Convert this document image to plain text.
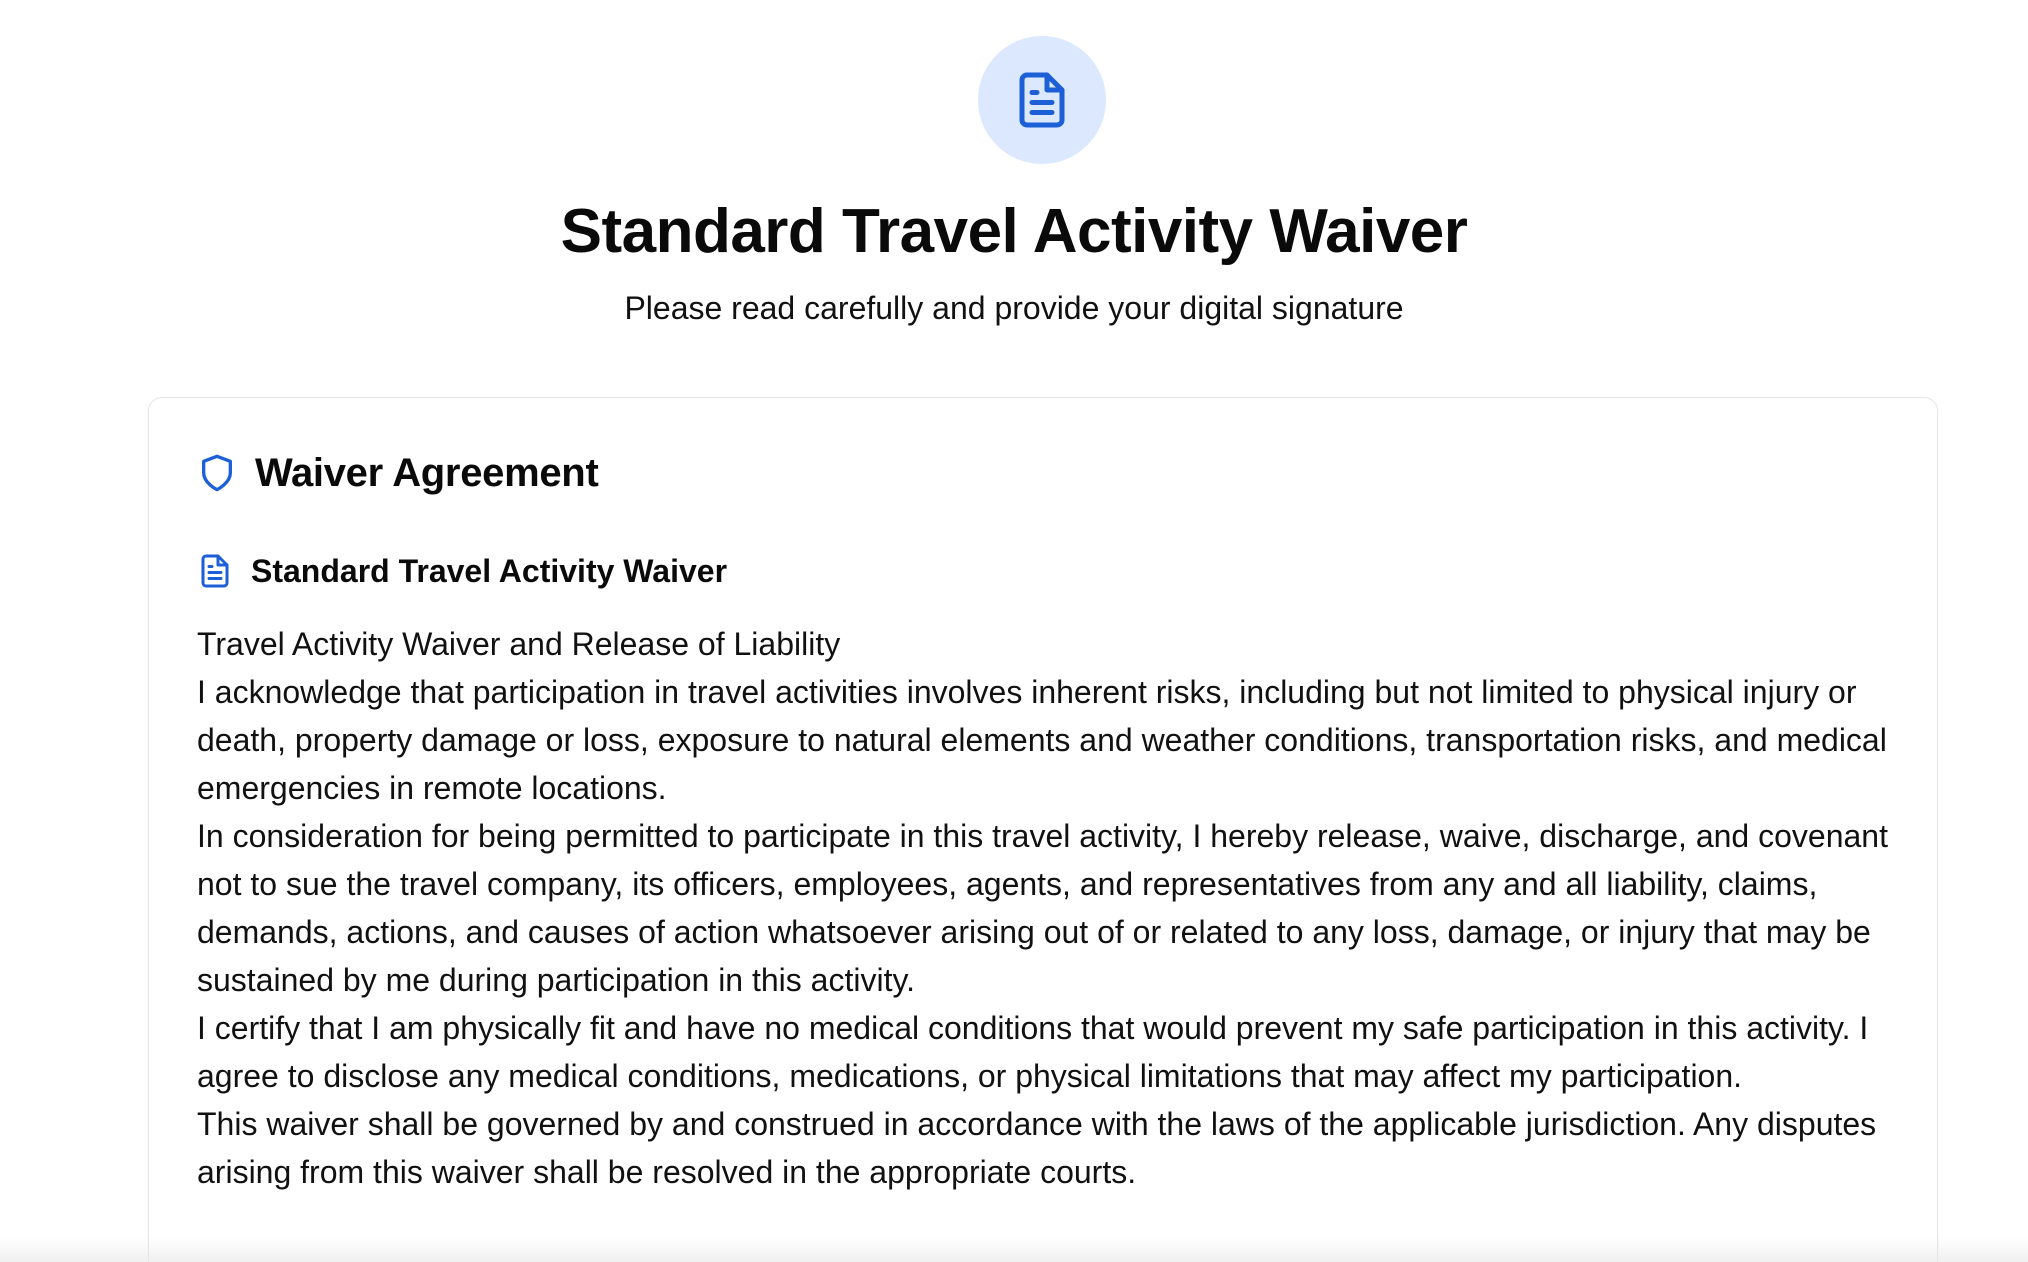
Standard Travel Activity Waiver
Please read carefully and provide your digital signature
Waiver Agreement
Standard Travel Activity Waiver

Travel Activity Waiver and Release of Liability

I acknowledge that participation in travel activities involves inherent risks, including but not limited to physical injury or death, property damage or loss, exposure to natural elements and weather conditions, transportation risks, and medical emergencies in remote locations.

In consideration for being permitted to participate in this travel activity, I hereby release, waive, discharge, and covenant not to sue the travel company, its officers, employees, agents, and representatives from any and all liability, claims, demands, actions, and causes of action whatsoever arising out of or related to any loss, damage, or injury that may be sustained by me during participation in this activity.

I certify that I am physically fit and have no medical conditions that would prevent my safe participation in this activity. I agree to disclose any medical conditions, medications, or physical limitations that may affect my participation.

This waiver shall be governed by and construed in accordance with the laws of the applicable jurisdiction. Any disputes arising from this waiver shall be resolved in the appropriate courts.
